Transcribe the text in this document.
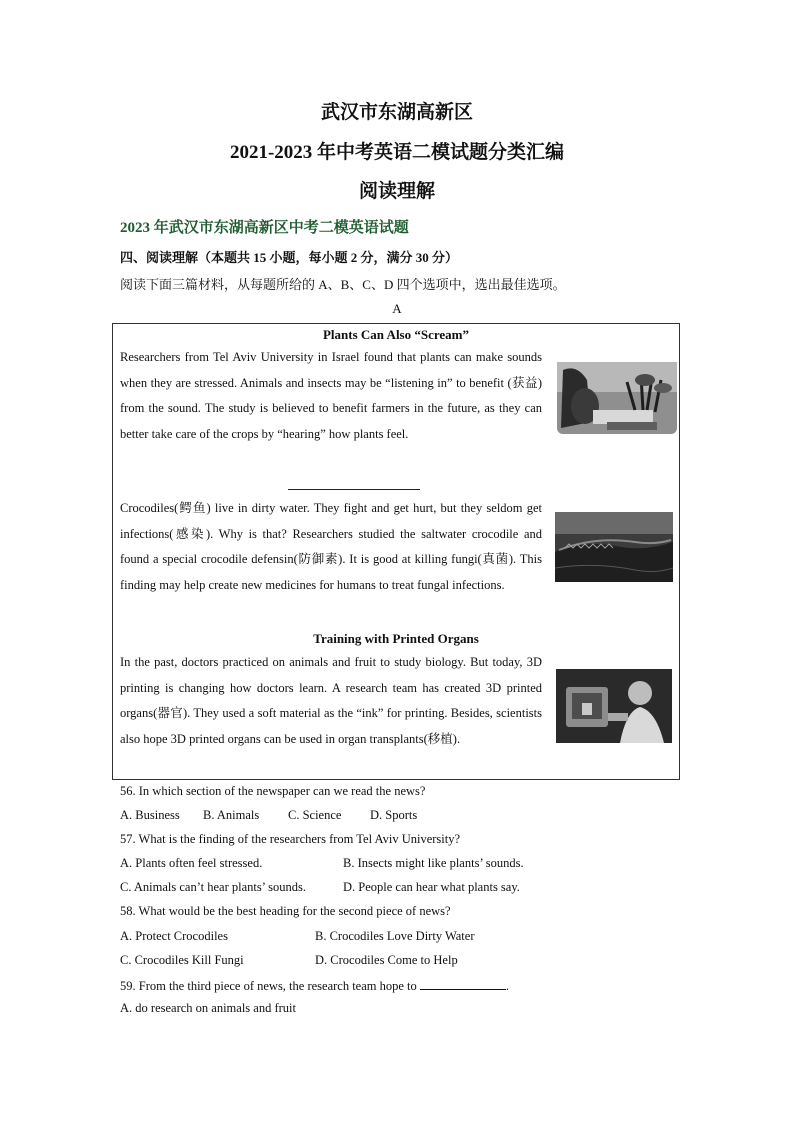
武汉市东湖高新区
2021-2023 年中考英语二模试题分类汇编
阅读理解
2023 年武汉市东湖高新区中考二模英语试题
四、阅读理解（本题共 15 小题，每小题 2 分，满分 30 分）
阅读下面三篇材料，从每题所给的 A、B、C、D 四个选项中，选出最佳选项。
A
Plants Can Also “Scream”

Researchers from Tel Aviv University in Israel found that plants can make sounds when they are stressed. Animals and insects may be “listening in” to benefit (获益) from the sound. The study is believed to benefit farmers in the future, as they can better take care of the crops by “hearing” how plants feel.

Crocodiles(鳄鱼) live in dirty water. They fight and get hurt, but they seldom get infections(感染). Why is that? Researchers studied the saltwater crocodile and found a special crocodile defensin(防御素). It is good at killing fungi(真菌). This finding may help create new medicines for humans to treat fungal infections.

Training with Printed Organs

In the past, doctors practiced on animals and fruit to study biology. But today, 3D printing is changing how doctors learn. A research team has created 3D printed organs(器官). They used a soft material as the “ink” for printing. Besides, scientists also hope 3D printed organs can be used in organ transplants(移植).

56. In which section of the newspaper can we read the news?
A. Business B. Animals C. Science D. Sports
57. What is the finding of the researchers from Tel Aviv University?
A. Plants often feel stressed.	B. Insects might like plants’ sounds.
C. Animals can’t hear plants’ sounds.	D. People can hear what plants say.
58. What would be the best heading for the second piece of news?
A. Protect Crocodiles	B. Crocodiles Love Dirty Water
C. Crocodiles Kill Fungi	D. Crocodiles Come to Help
59. From the third piece of news, the research team hope to	.
A. do research on animals and fruit
